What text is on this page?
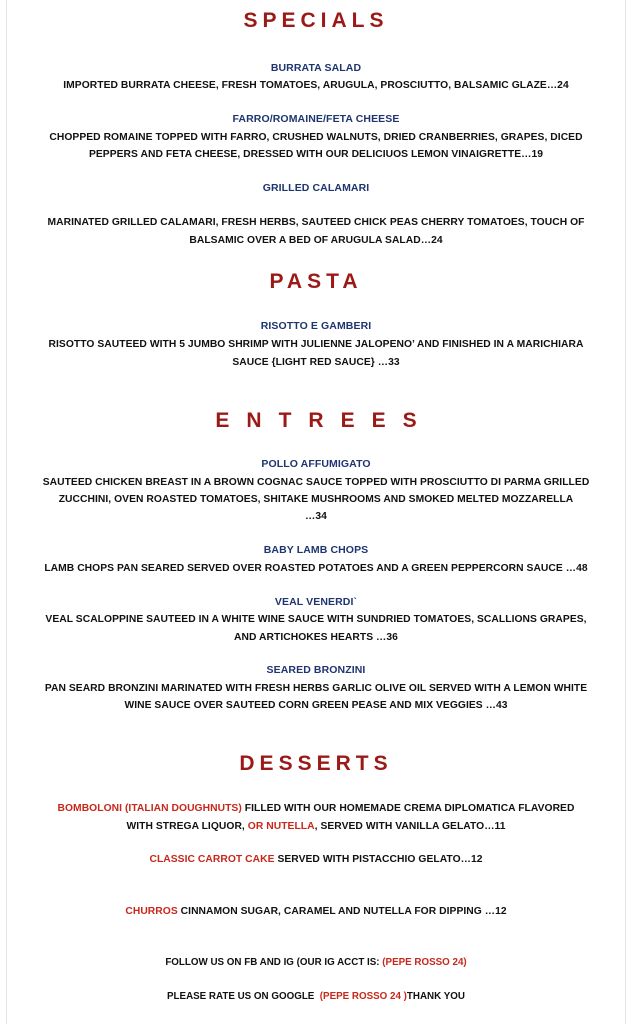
SPECIALS
BURRATA SALAD
IMPORTED BURRATA CHEESE, FRESH TOMATOES, ARUGULA, PROSCIUTTO, BALSAMIC GLAZE…24
FARRO/ROMAINE/FETA CHEESE
CHOPPED ROMAINE TOPPED WITH FARRO, CRUSHED WALNUTS, DRIED CRANBERRIES, GRAPES, DICED
PEPPERS AND FETA CHEESE, DRESSED WITH OUR DELICIUOS LEMON VINAIGRETTE…19
GRILLED CALAMARI
MARINATED GRILLED CALAMARI, FRESH HERBS, SAUTEED CHICK PEAS CHERRY TOMATOES, TOUCH OF
BALSAMIC OVER A BED OF ARUGULA SALAD…24
PASTA
RISOTTO E GAMBERI
RISOTTO SAUTEED WITH 5 JUMBO SHRIMP WITH JULIENNE JALOPENO’ AND FINISHED IN A MARICHIARA
SAUCE {LIGHT RED SAUCE} …33
ENTREES
POLLO AFFUMIGATO
SAUTEED CHICKEN BREAST IN A BROWN COGNAC SAUCE TOPPED WITH PROSCIUTTO DI PARMA GRILLED
ZUCCHINI, OVEN ROASTED TOMATOES, SHITAKE MUSHROOMS AND SMOKED MELTED MOZZARELLA
…34
BABY LAMB CHOPS
LAMB CHOPS PAN SEARED SERVED OVER ROASTED POTATOES AND A GREEN PEPPERCORN SAUCE …48
VEAL VENERDI`
VEAL SCALOPPINE SAUTEED IN A WHITE WINE SAUCE WITH SUNDRIED TOMATOES, SCALLIONS GRAPES,
AND ARTICHOKES HEARTS …36
SEARED BRONZINI
PAN SEARD BRONZINI MARINATED WITH FRESH HERBS GARLIC OLIVE OIL SERVED WITH A LEMON WHITE
WINE SAUCE OVER SAUTEED CORN GREEN PEASE AND MIX VEGGIES …43
DESSERTS
BOMBOLONI (ITALIAN DOUGHNUTS) FILLED WITH OUR HOMEMADE CREMA DIPLOMATICA FLAVORED
WITH STREGA LIQUOR, OR NUTELLA, SERVED WITH VANILLA GELATO…11
CLASSIC CARROT CAKE SERVED WITH PISTACCHIO GELATO…12
CHURROS CINNAMON SUGAR, CARAMEL AND NUTELLA FOR DIPPING …12
FOLLOW US ON FB AND IG (OUR IG ACCT IS: (PEPE ROSSO 24)
PLEASE RATE US ON GOOGLE  (PEPE ROSSO 24 )THANK YOU
